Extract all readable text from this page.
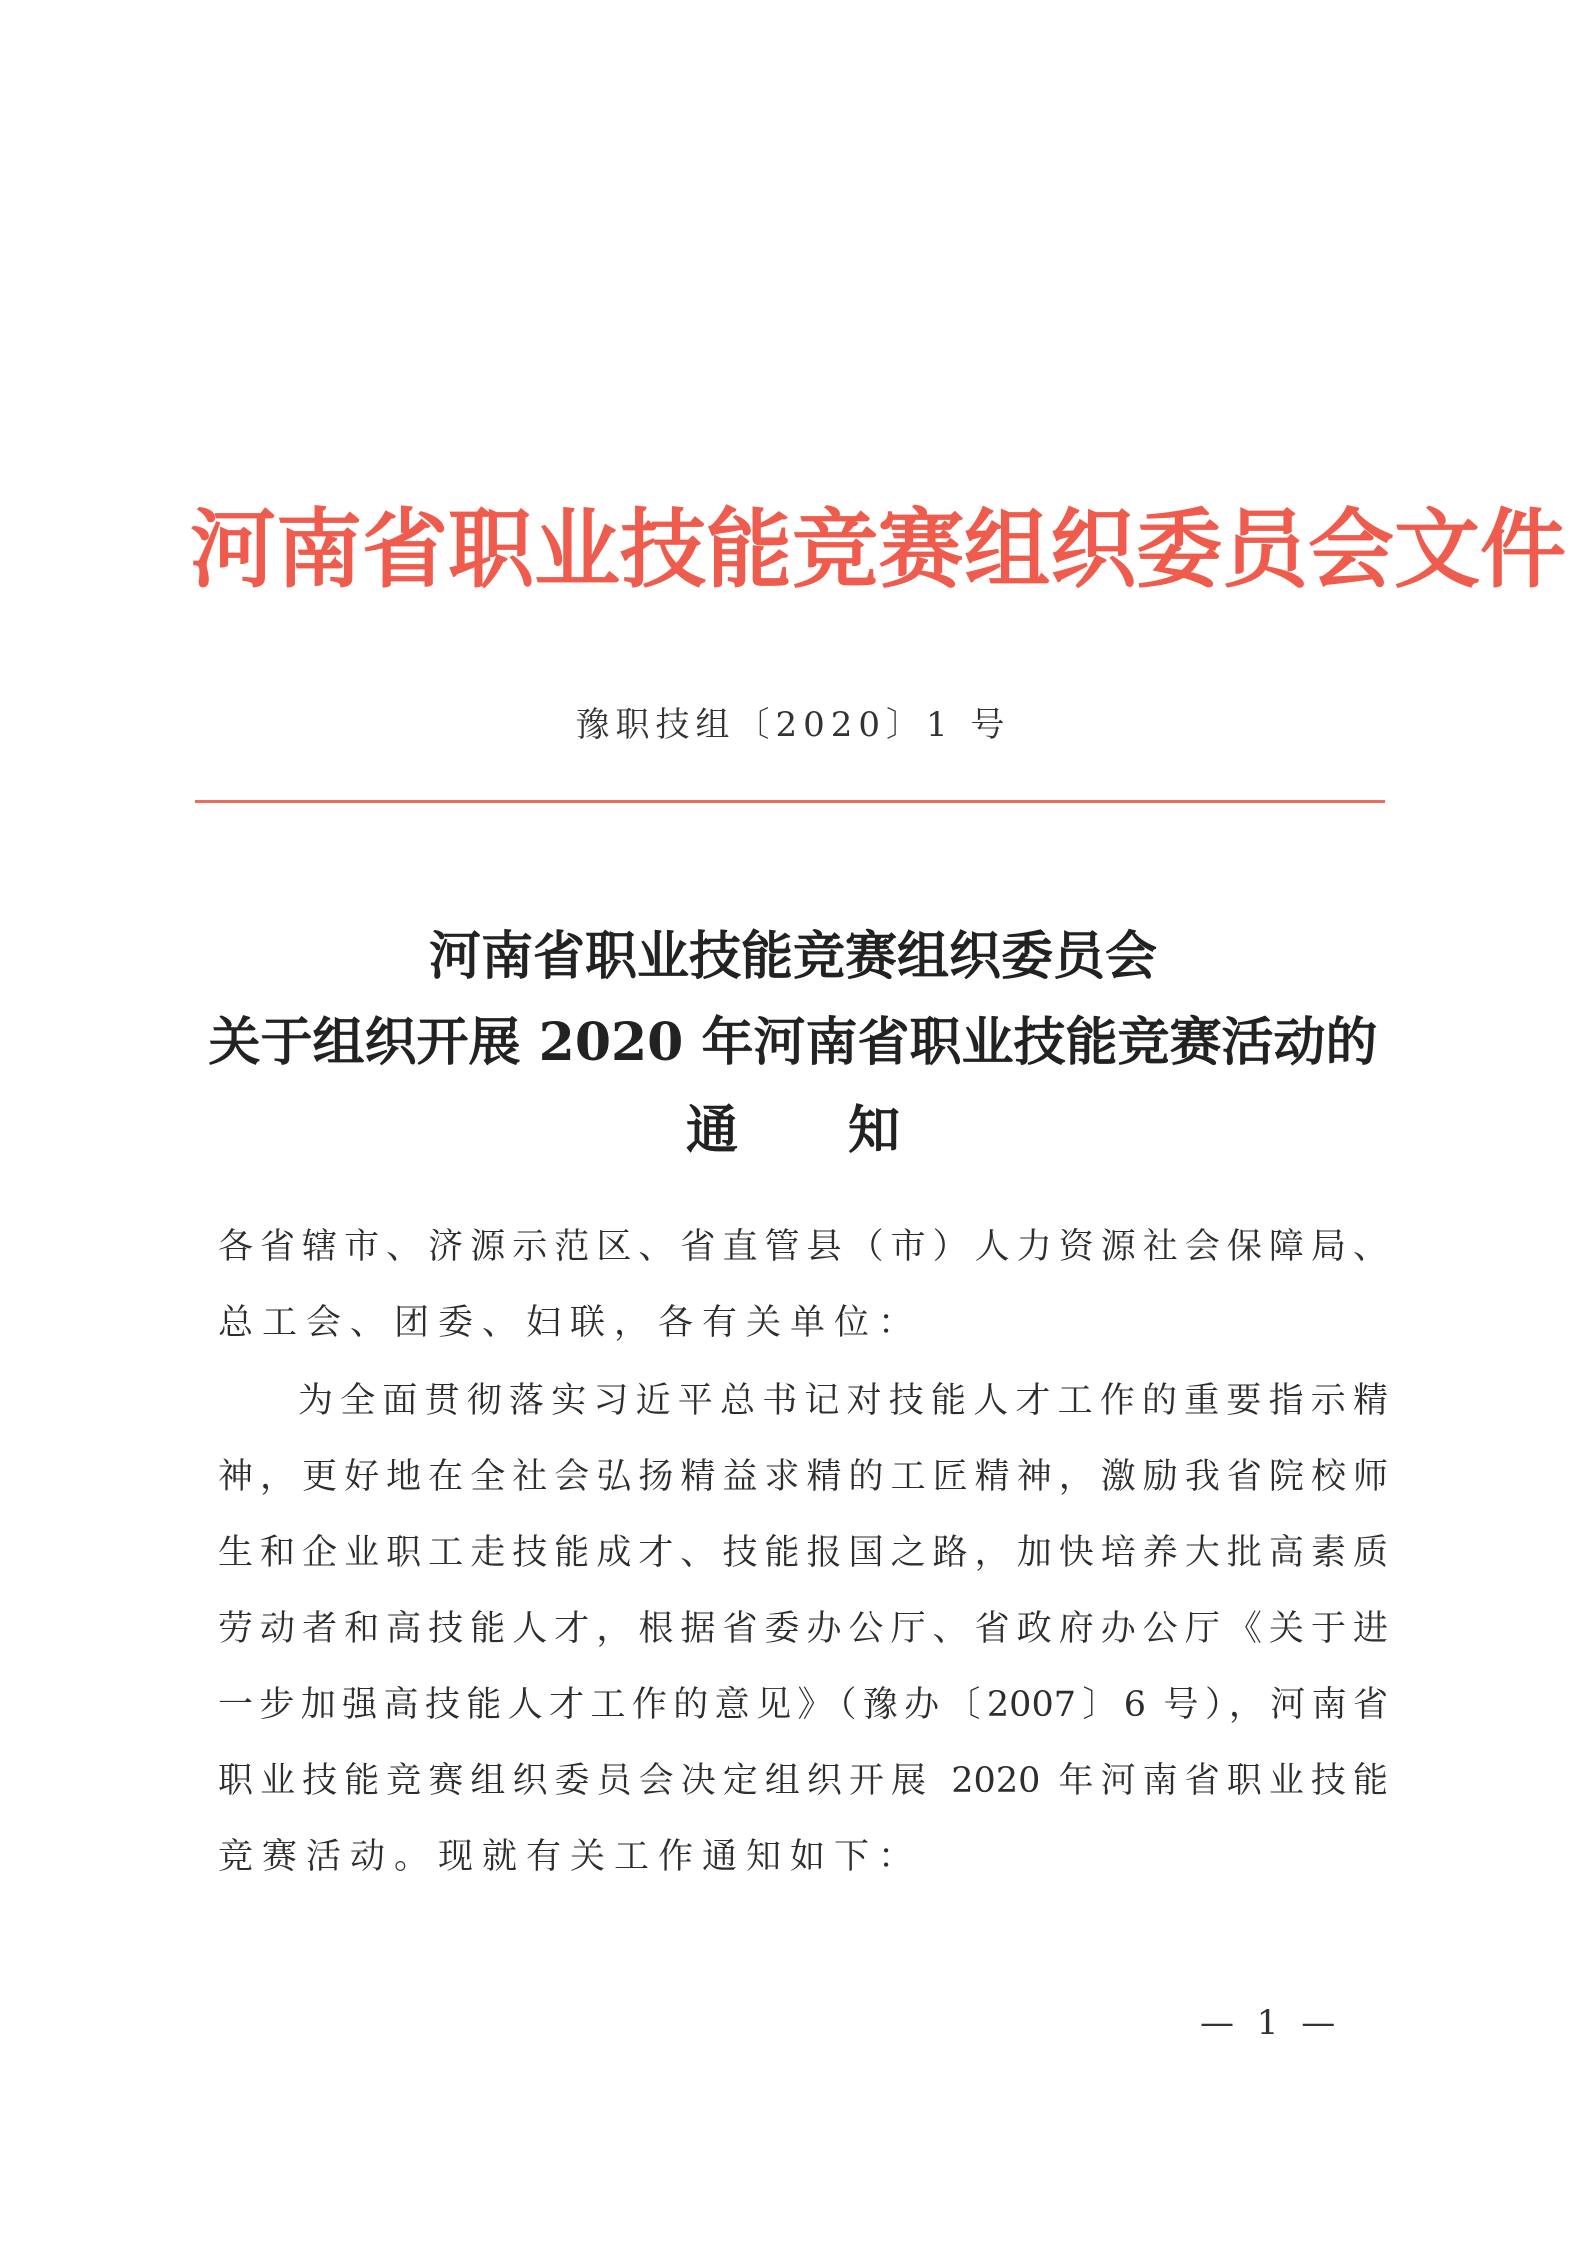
河南省职业技能竞赛组织委员会文件
豫职技组〔2020〕1 号
河南省职业技能竞赛组织委员会
关于组织开展 2020 年河南省职业技能竞赛活动的
通知
各省辖市、济源示范区、省直管县（市）人力资源社会保障局、
总工会、团委、妇联，各有关单位：
为全面贯彻落实习近平总书记对技能人才工作的重要指示精
神，更好地在全社会弘扬精益求精的工匠精神，激励我省院校师
生和企业职工走技能成才、技能报国之路，加快培养大批高素质
劳动者和高技能人才，根据省委办公厅、省政府办公厅《关于进
一步加强高技能人才工作的意见》（豫办〔2007〕6 号），河南省
职业技能竞赛组织委员会决定组织开展 2020 年河南省职业技能
竞赛活动。现就有关工作通知如下：
— 1 —
